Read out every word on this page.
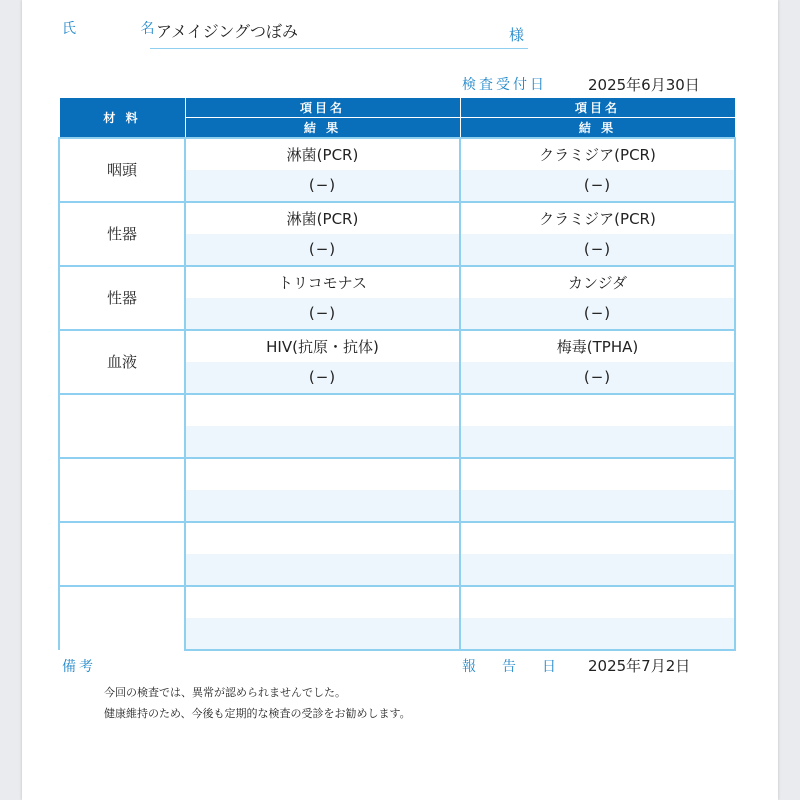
氏 名
アメイジングつぼみ	様
検査受付日	2025年6月30日
材 料	項目名	項目名
	結 果	結 果
咽頭	淋菌(PCR)	クラミジア(PCR)
	(−)	(−)
性器	淋菌(PCR)	クラミジア(PCR)
	(−)	(−)
性器	トリコモナス	カンジダ
	(−)	(−)
血液	HIV(抗原・抗体)	梅毒(TPHA)
	(−)	(−)

備考	報告日 2025年7月2日
今回の検査では、異常が認められませんでした。
健康維持のため、今後も定期的な検査の受診をお勧めします。
